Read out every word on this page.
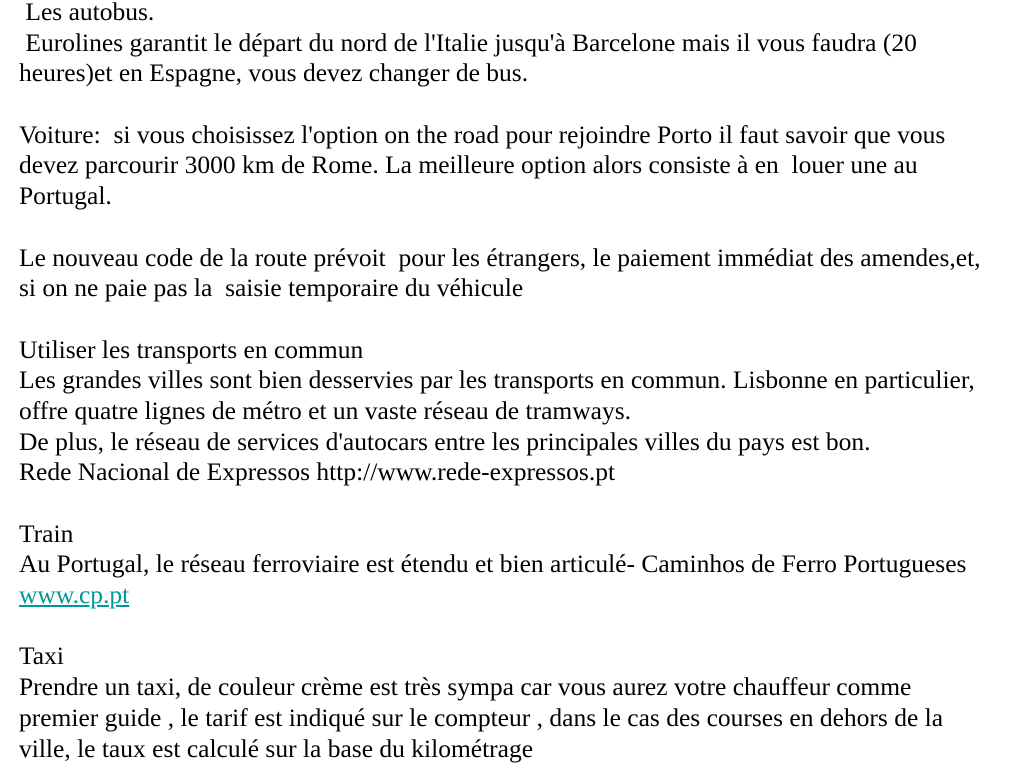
Les autobus.
Eurolines garantit le départ du nord de l'Italie jusqu'à Barcelone mais il vous faudra (20
heures)et en Espagne, vous devez changer de bus.
Voiture:  si vous choisissez l'option on the road pour rejoindre Porto il faut savoir que vous
devez parcourir 3000 km de Rome. La meilleure option alors consiste à en  louer une au
Portugal.
Le nouveau code de la route prévoit  pour les étrangers, le paiement immédiat des amendes,et,
si on ne paie pas la  saisie temporaire du véhicule
Utiliser les transports en commun
Les grandes villes sont bien desservies par les transports en commun. Lisbonne en particulier,
offre quatre lignes de métro et un vaste réseau de tramways.
De plus, le réseau de services d'autocars entre les principales villes du pays est bon.
Rede Nacional de Expressos http://www.rede-expressos.pt
Train
Au Portugal, le réseau ferroviaire est étendu et bien articulé- Caminhos de Ferro Portugueses
www.cp.pt
Taxi
Prendre un taxi, de couleur crème est très sympa car vous aurez votre chauffeur comme
premier guide , le tarif est indiqué sur le compteur , dans le cas des courses en dehors de la
ville, le taux est calculé sur la base du kilométrage
